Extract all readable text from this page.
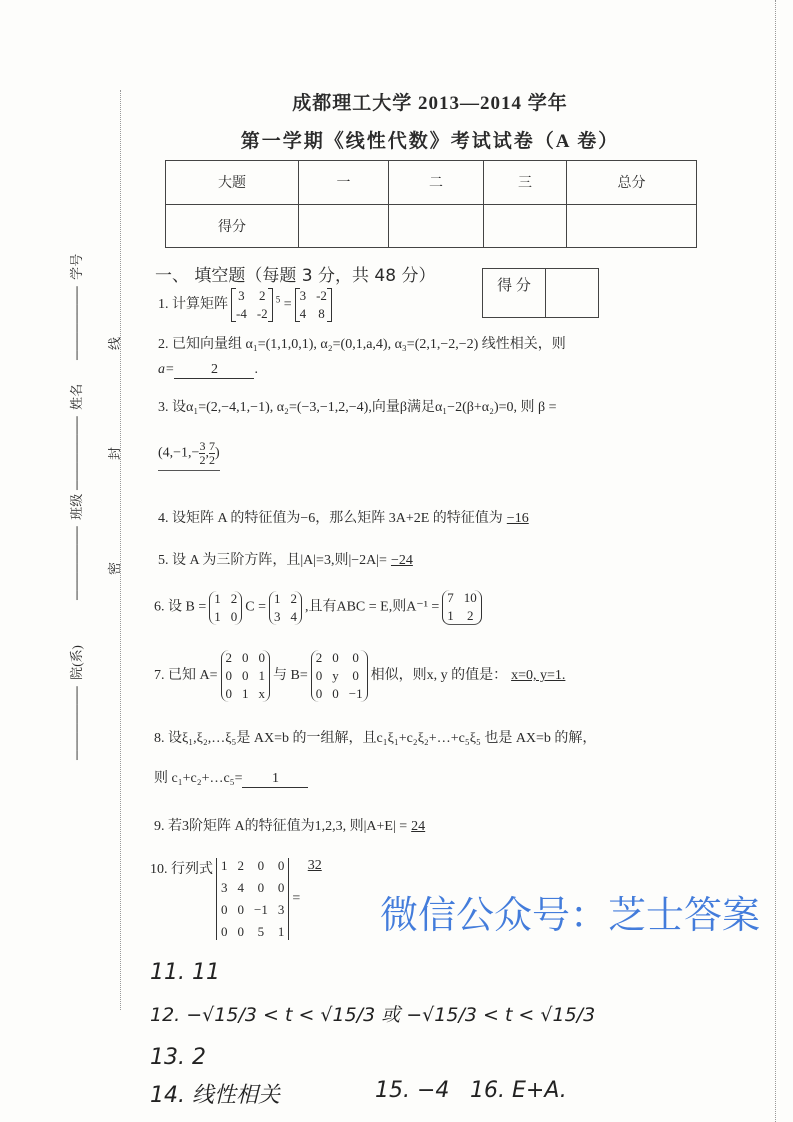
────────  学号
────────  姓名
────────  班级
────────  院(系)
线
封
密
成都理工大学 2013—2014 学年
第一学期《线性代数》考试试卷（A 卷）
大题	一	二	三	总分
得分				
一、 填空题（每题 3 分，共 48 分）	得 分
1. 计算矩阵
3 2
-4 -2
$^5$ =
3 -2
4 8
2. 已知向量组 α₁=(1,1,0,1), α₂=(0,1,a,4), α₃=(2,1,−2,−2) 线性相关，则
a=	2	.
3. 设α₁=(2,−4,1,−1), α₂=(−3,−1,2,−4),向量β满足α₁−2(β+α₂)=0, 则 β =
($4,-1,- \frac{3}{2}$ , $\frac{7}{2}$ )
4. 设矩阵 A 的特征值为−6，那么矩阵 3A+2E 的特征值为 −16
5. 设 A 为三阶方阵，且|A|=3,则|−2A|= −24
6. 设 B =
1 2
1 0
C =
1 2
3 4
,且有ABC = E,则A⁻¹ =
7 10
1 2
7. 已知 A=
2 0 0
0 0 1
0 1 x
与 B=
2 0 0
0 y 0
0 0 −1
相似，则x, y 的值是： x=0, y=1.
8. 设ξ₁,ξ₂,…ξ₅是 AX=b 的一组解，且c₁ξ₁+c₂ξ₂+…+c₅ξ₅ 也是 AX=b 的解，
则 c₁+c₂+…c₅= 1
9. 若3阶矩阵 A的特征值为1,2,3, 则|A+E| = 24
10. 行列式 1 2 0 0
3 4 0 0
0 0 −1 3
0 0 5 1
= 32
11. 11
12. −√15/3 < t < √15/3 或 −√15/3 < t < √15/3
13. 2
14. 线性相关	15. −4 16. E+A.
微信公众号：芝士答案
